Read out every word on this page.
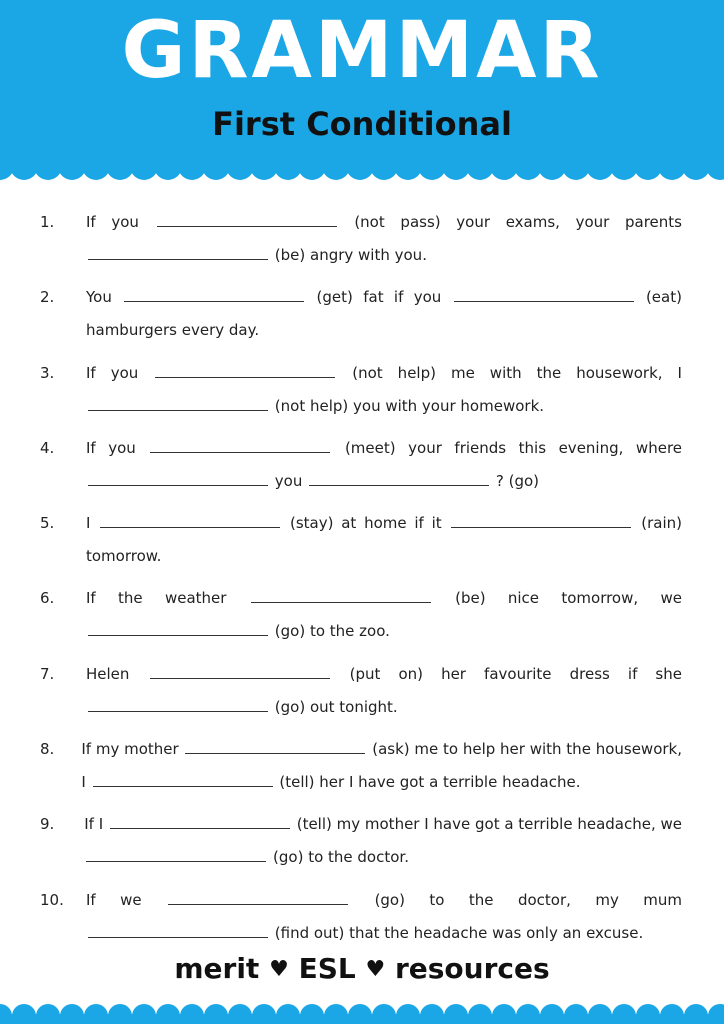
GRAMMAR
First Conditional
1.	If you	(not pass) your exams, your parents
(be) angry with you.
2.	You	(get) fat if you	(eat)
hamburgers every day.
3.	If you	(not help) me with the housework, I
(not help) you with your homework.
4.	If you	(meet) your friends this evening, where
you	? (go)
5.	I	(stay) at home if it	(rain)
tomorrow.
6.	If the weather	(be) nice tomorrow, we
(go) to the zoo.
7.	Helen	(put on) her favourite dress if she
(go) out tonight.
8.	If my mother	(ask) me to help her with the housework,
I	(tell) her I have got a terrible headache.
9.	If I	(tell) my mother I have got a terrible headache, we
(go) to the doctor.
10.	If we	(go) to the doctor, my mum
(find out) that the headache was only an excuse.
merit ♥ ESL ♥ resources
